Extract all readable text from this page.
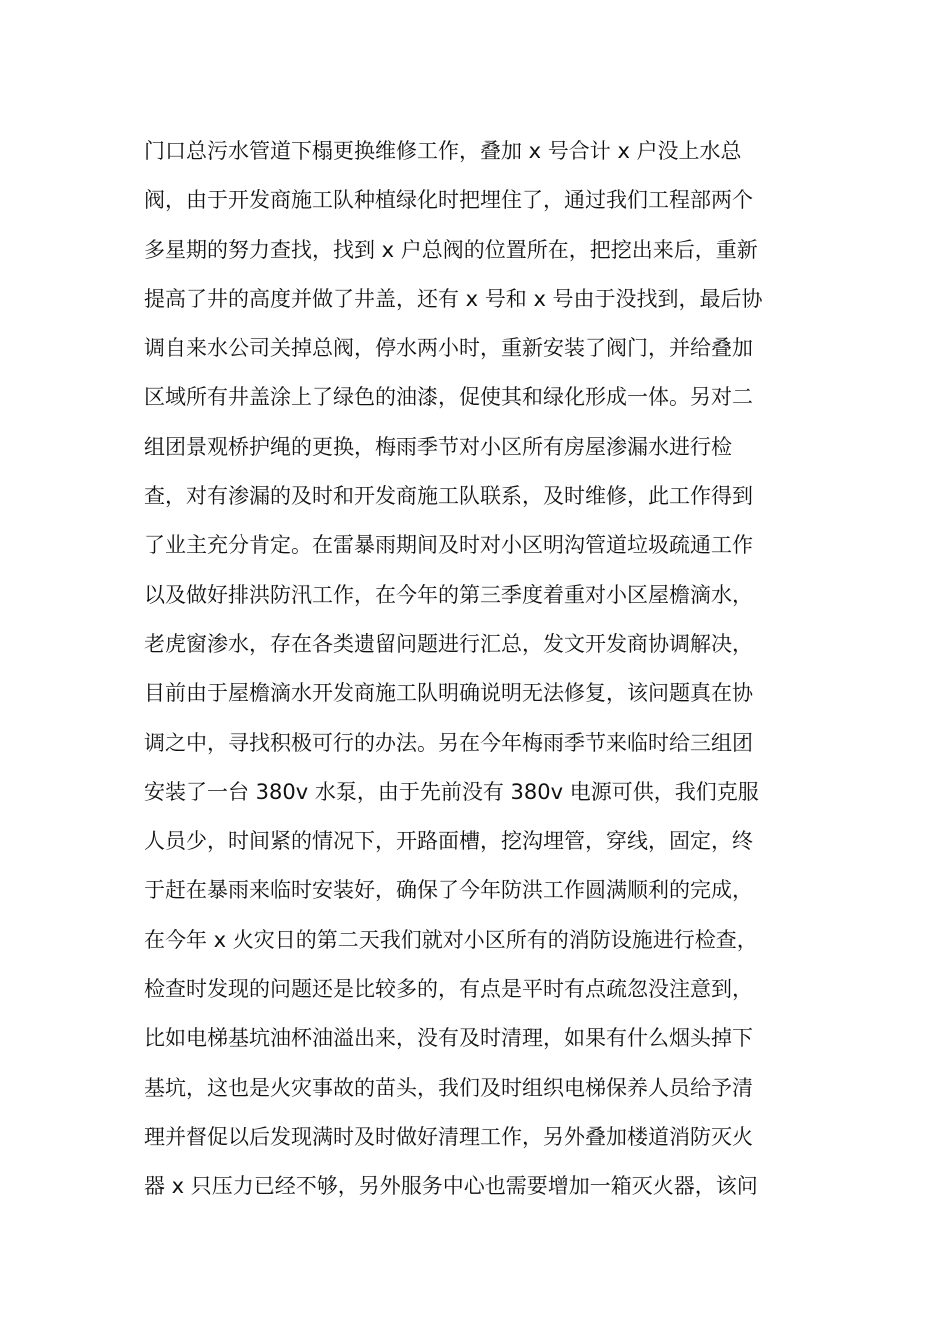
门口总污水管道下榻更换维修工作，叠加 x 号合计 x 户没上水总
阀，由于开发商施工队种植绿化时把埋住了，通过我们工程部两个
多星期的努力查找，找到 x 户总阀的位置所在，把挖出来后，重新
提高了井的高度并做了井盖，还有 x 号和 x 号由于没找到，最后协
调自来水公司关掉总阀，停水两小时，重新安装了阀门，并给叠加
区域所有井盖涂上了绿色的油漆，促使其和绿化形成一体。另对二
组团景观桥护绳的更换，梅雨季节对小区所有房屋渗漏水进行检
查，对有渗漏的及时和开发商施工队联系，及时维修，此工作得到
了业主充分肯定。在雷暴雨期间及时对小区明沟管道垃圾疏通工作
以及做好排洪防汛工作，在今年的第三季度着重对小区屋檐滴水，
老虎窗渗水，存在各类遗留问题进行汇总，发文开发商协调解决，
目前由于屋檐滴水开发商施工队明确说明无法修复，该问题真在协
调之中，寻找积极可行的办法。另在今年梅雨季节来临时给三组团
安装了一台 380v 水泵，由于先前没有 380v 电源可供，我们克服
人员少，时间紧的情况下，开路面槽，挖沟埋管，穿线，固定，终
于赶在暴雨来临时安装好，确保了今年防洪工作圆满顺利的完成，
在今年 x 火灾日的第二天我们就对小区所有的消防设施进行检查，
检查时发现的问题还是比较多的，有点是平时有点疏忽没注意到，
比如电梯基坑油杯油溢出来，没有及时清理，如果有什么烟头掉下
基坑，这也是火灾事故的苗头，我们及时组织电梯保养人员给予清
理并督促以后发现满时及时做好清理工作，另外叠加楼道消防灭火
器 x 只压力已经不够，另外服务中心也需要增加一箱灭火器，该问
